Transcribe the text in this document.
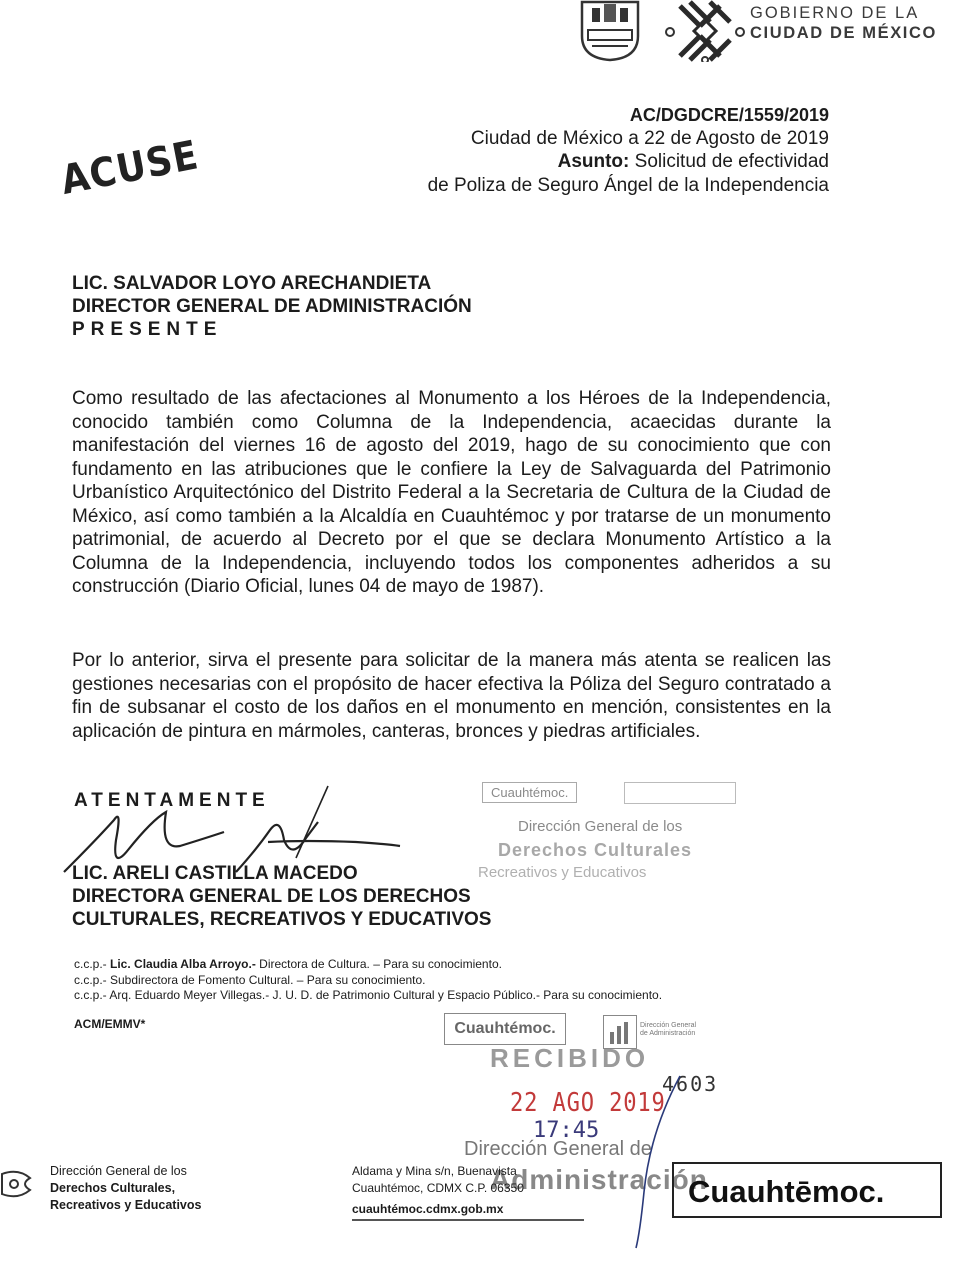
GOBIERNO DE LA
CIUDAD DE MÉXICO
AC/DGDCRE/1559/2019
Ciudad de México a 22 de Agosto de 2019
Asunto: Solicitud de efectividad
de Poliza de Seguro Ángel de la Independencia
ACUSE
LIC. SALVADOR LOYO ARECHANDIETA
DIRECTOR GENERAL DE ADMINISTRACIÓN
PRESENTE

Como resultado de las afectaciones al Monumento a los Héroes de la Independencia, conocido también como Columna de la Independencia, acaecidas durante la manifestación del viernes 16 de agosto del 2019, hago de su conocimiento que con fundamento en las atribuciones que le confiere la Ley de Salvaguarda del Patrimonio Urbanístico Arquitectónico del Distrito Federal a la Secretaria de Cultura de la Ciudad de México, así como también a la Alcaldía en Cuauhtémoc y por tratarse de un monumento patrimonial, de acuerdo al Decreto por el que se declara Monumento Artístico a la Columna de la Independencia, incluyendo todos los componentes adheridos a su construcción (Diario Oficial, lunes 04 de mayo de 1987).

Por lo anterior, sirva el presente para solicitar de la manera más atenta se realicen las gestiones necesarias con el propósito de hacer efectiva la Póliza del Seguro contratado a fin de subsanar el costo de los daños en el monumento en mención, consistentes en la aplicación de pintura en mármoles, canteras, bronces y piedras artificiales.

ATENTAMENTE
LIC. ARELI CASTILLA MACEDO
DIRECTORA GENERAL DE LOS DERECHOS
CULTURALES, RECREATIVOS Y EDUCATIVOS
Cuauhtémoc.
Dirección General de los
Derechos Culturales
Recreativos y Educativos
c.c.p.- Lic. Claudia Alba Arroyo.- Directora de Cultura. – Para su conocimiento.
c.c.p.- Subdirectora de Fomento Cultural. – Para su conocimiento.
c.c.p.- Arq. Eduardo Meyer Villegas.- J. U. D. de Patrimonio Cultural y Espacio Público.- Para su conocimiento.
ACM/EMMV*	Cuauhtémoc.	Dirección General de Administración
RECIBIDO
22 AGO 2019
4603
17:45
Dirección General de
Administración
Dirección General de los
Derechos Culturales,
Recreativos y Educativos
Aldama y Mina s/n, Buenavista
Cuauhtémoc, CDMX C.P. 06350
cuauhtémoc.cdmx.gob.mx	Cuauhtēmoc.
